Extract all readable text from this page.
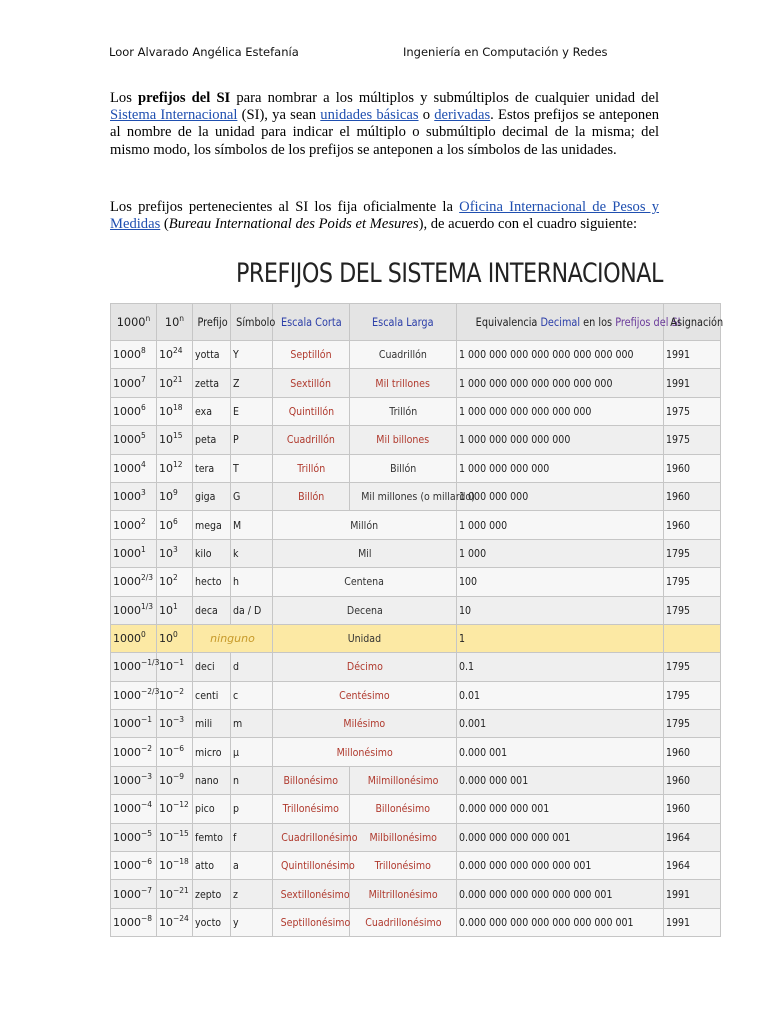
Loor Alvarado Angélica Estefanía	Ingeniería en Computación y Redes

Los prefijos del SI para nombrar a los múltiplos y submúltiplos de cualquier unidad del Sistema Internacional (SI), ya sean unidades básicas o derivadas. Estos prefijos se anteponen al nombre de la unidad para indicar el múltiplo o submúltiplo decimal de la misma; del mismo modo, los símbolos de los prefijos se anteponen a los símbolos de las unidades.

Los prefijos pertenecientes al SI los fija oficialmente la Oficina Internacional de Pesos y Medidas (Bureau International des Poids et Mesures), de acuerdo con el cuadro siguiente:

PREFIJOS DEL SISTEMA INTERNACIONAL
1000$^n$	10$^n$	Prefijo	Símbolo	Escala Corta	Escala Larga	Equivalencia Decimal en los Prefijos del SI	Asignación
1000$^8$	$10^{24}$	yotta	Y	Septillón	Cuadrillón	1 000 000 000 000 000 000 000 000	1991
1000$^7$	$10^{21}$	zetta	Z	Sextillón	Mil trillones	1 000 000 000 000 000 000 000	1991
1000$^6$	$10^{18}$	exa	E	Quintillón	Trillón	1 000 000 000 000 000 000	1975
1000$^5$	$10^{15}$	peta	P	Cuadrillón	Mil billones	1 000 000 000 000 000	1975
1000$^4$	$10^{12}$	tera	T	Trillón	Billón	1 000 000 000 000	1960
1000$^3$	$10^9$	giga	G	Billón	Mil millones (o millardo)	1 000 000 000	1960
1000$^2$	$10^6$	mega	M	Millón		1 000 000	1960
1000$^1$	$10^3$	kilo	k	Mil		1 000	1795
$1000^{2/3}$	$10^2$	hecto	h	Centena		100	1795
$1000^{1/3}$	$10^1$	deca	da / D	Decena		10	1795
1000$^0$	$10^0$	ninguno		Unidad		1	
$1000^{-1/3}$	$10^{-1}$	deci	d	Décimo		0.1	1795
$1000^{-2/3}$	$10^{-2}$	centi	c	Centésimo		0.01	1795
$1000^{-1}$	$10^{-3}$	mili	m	Milésimo		0.001	1795
$1000^{-2}$	$10^{-6}$	micro	µ	Millonésimo		0.000 001	1960
$1000^{-3}$	$10^{-9}$	nano	n	Billonésimo	Milmillonésimo	0.000 000 001	1960
$1000^{-4}$	$10^{-12}$	pico	p	Trillonésimo	Billonésimo	0.000 000 000 001	1960
$1000^{-5}$	$10^{-15}$	femto	f	Cuadrillonésimo	Milbillonésimo	0.000 000 000 000 001	1964
$1000^{-6}$	$10^{-18}$	atto	a	Quintillonésimo	Trillonésimo	0.000 000 000 000 000 001	1964
$1000^{-7}$	$10^{-21}$	zepto	z	Sextillonésimo	Miltrillonésimo	0.000 000 000 000 000 000 001	1991
$1000^{-8}$	$10^{-24}$	yocto	y	Septillonésimo	Cuadrillonésimo	0.000 000 000 000 000 000 000 001	1991
